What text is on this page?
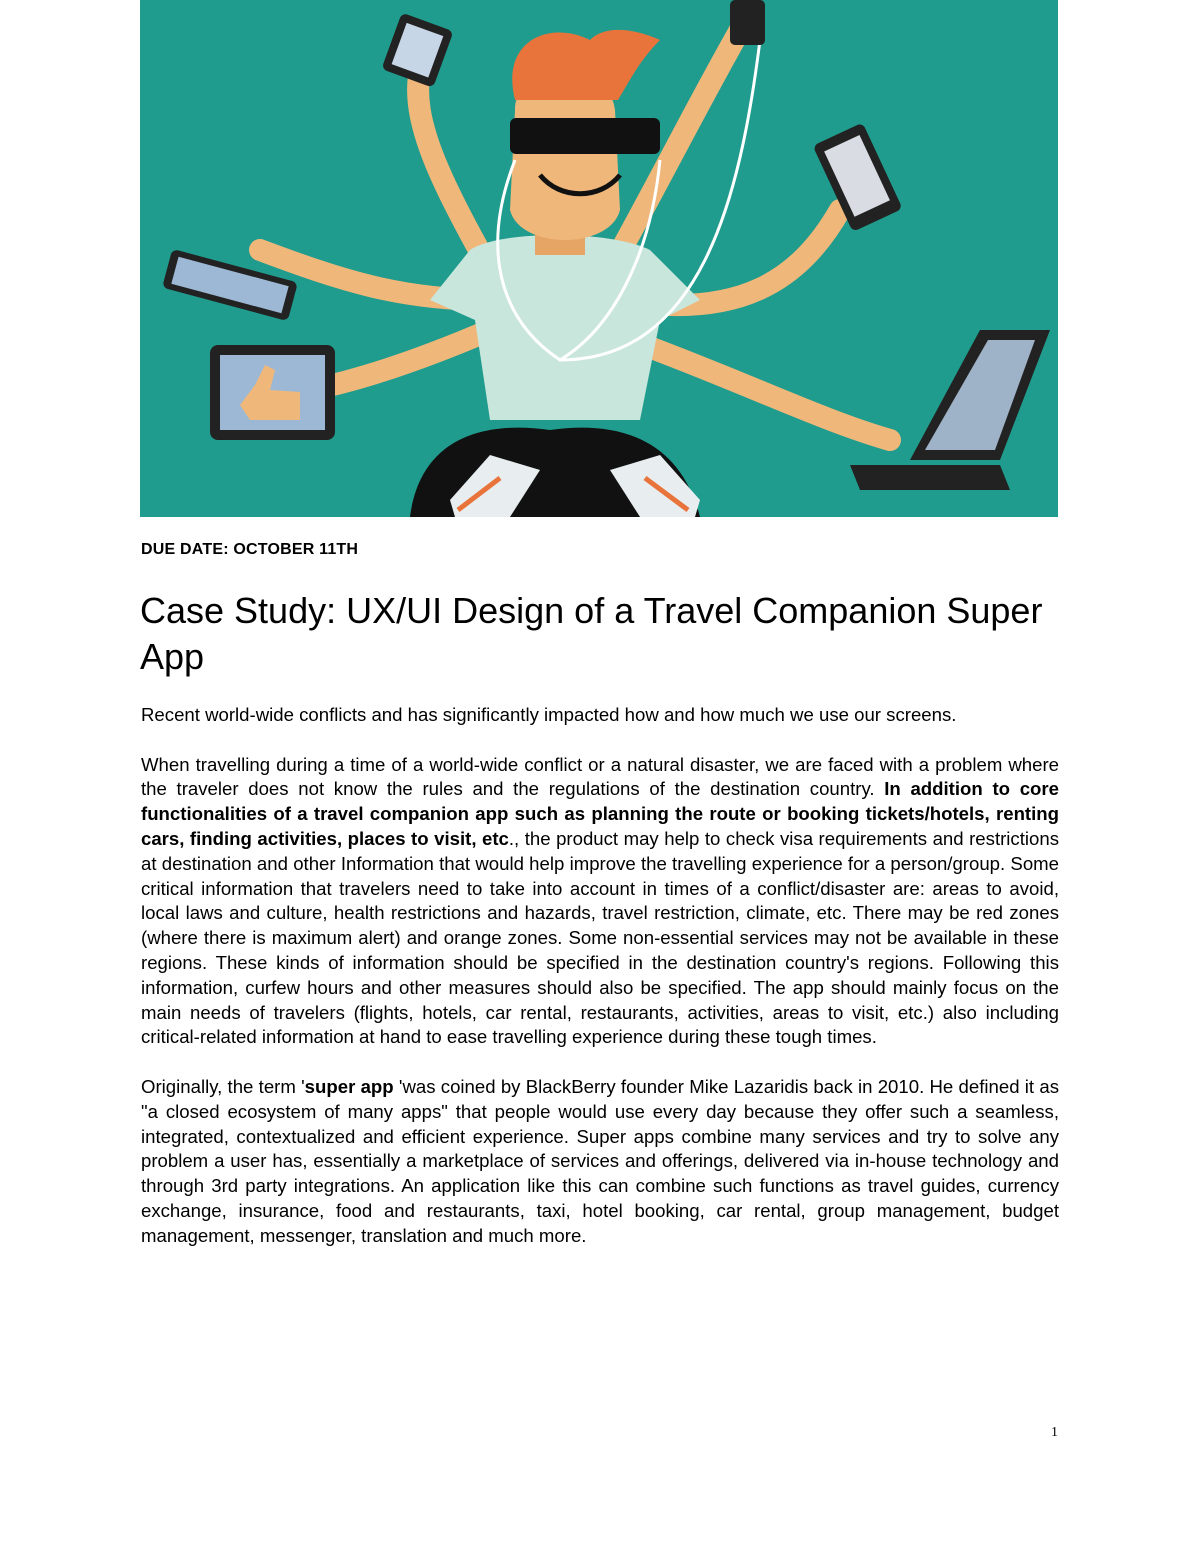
DUE DATE: OCTOBER 11TH
Case Study: UX/UI Design of a Travel Companion Super App

Recent world-wide conflicts and has significantly impacted how and how much we use our screens.

When travelling during a time of a world-wide conflict or a natural disaster, we are faced with a problem where the traveler does not know the rules and the regulations of the destination country. In addition to core functionalities of a travel companion app such as planning the route or booking tickets/hotels, renting cars, finding activities, places to visit, etc., the product may help to check visa requirements and restrictions at destination and other Information that would help improve the travelling experience for a person/group. Some critical information that travelers need to take into account in times of a conflict/disaster are: areas to avoid, local laws and culture, health restrictions and hazards, travel restriction, climate, etc. There may be red zones (where there is maximum alert) and orange zones. Some non-essential services may not be available in these regions. These kinds of information should be specified in the destination country's regions. Following this information, curfew hours and other measures should also be specified. The app should mainly focus on the main needs of travelers (flights, hotels, car rental, restaurants, activities, areas to visit, etc.) also including critical-related information at hand to ease travelling experience during these tough times.

Originally, the term 'super app 'was coined by BlackBerry founder Mike Lazaridis back in 2010. He defined it as "a closed ecosystem of many apps" that people would use every day because they offer such a seamless, integrated, contextualized and efficient experience. Super apps combine many services and try to solve any problem a user has, essentially a marketplace of services and offerings, delivered via in-house technology and through 3rd party integrations. An application like this can combine such functions as travel guides, currency exchange, insurance, food and restaurants, taxi, hotel booking, car rental, group management, budget management, messenger, translation and much more.

1
